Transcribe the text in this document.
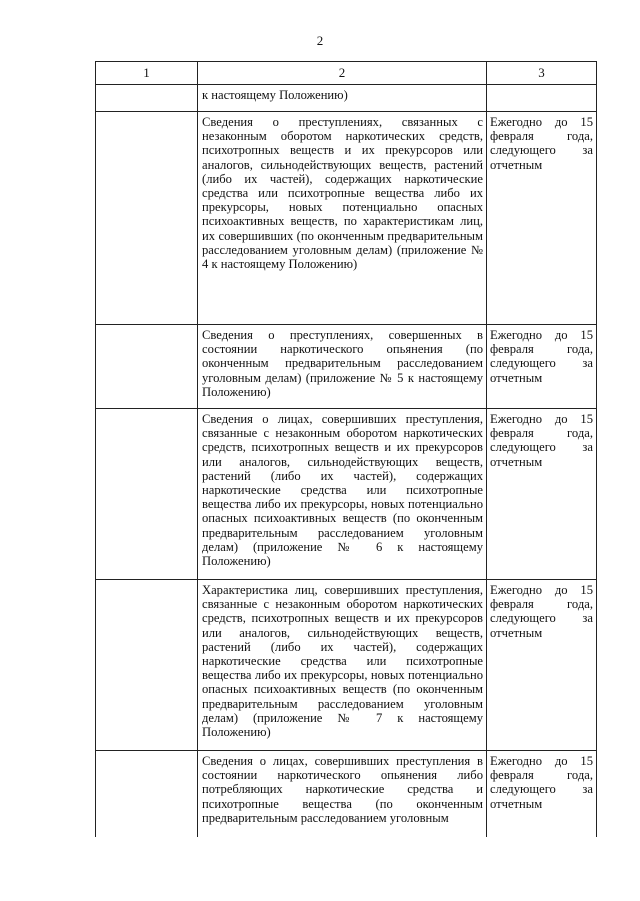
2
1	2	3

	к настоящему Положению)	

	Сведения о преступлениях, связанных с незаконным оборотом наркотических средств, психотропных веществ и их прекурсоров или аналогов, сильнодействующих веществ, растений (либо их частей), содержащих наркотические средства или психотропные вещества либо их прекурсоры, новых потенциально опасных психоактивных веществ, по характеристикам лиц, их совершивших (по оконченным предварительным расследованием уголовным делам) (приложение № 4 к настоящему Положению)	Ежегодно до 15 февраля года, следующего за отчетным

	Сведения о преступлениях, совершенных в состоянии наркотического опьянения (по оконченным предварительным расследованием уголовным делам) (приложение № 5 к настоящему Положению)	Ежегодно до 15 февраля года, следующего за отчетным

	Сведения о лицах, совершивших преступления, связанные с незаконным оборотом наркотических средств, психотропных веществ и их прекурсоров или аналогов, сильнодействующих веществ, растений (либо их частей), содержащих наркотические средства или психотропные вещества либо их прекурсоры, новых потенциально опасных психоактивных веществ (по оконченным предварительным расследованием уголовным делам) (приложение № 6 к настоящему Положению)	Ежегодно до 15 февраля года, следующего за отчетным

	Характеристика лиц, совершивших преступления, связанные с незаконным оборотом наркотических средств, психотропных веществ и их прекурсоров или аналогов, сильнодействующих веществ, растений (либо их частей), содержащих наркотические средства или психотропные вещества либо их прекурсоры, новых потенциально опасных психоактивных веществ (по оконченным предварительным расследованием уголовным делам) (приложение № 7 к настоящему Положению)	Ежегодно до 15 февраля года, следующего за отчетным

	Сведения о лицах, совершивших преступления в состоянии наркотического опьянения либо потребляющих наркотические средства и психотропные вещества (по оконченным предварительным расследованием уголовным	Ежегодно до 15 февраля года, следующего за отчетным
